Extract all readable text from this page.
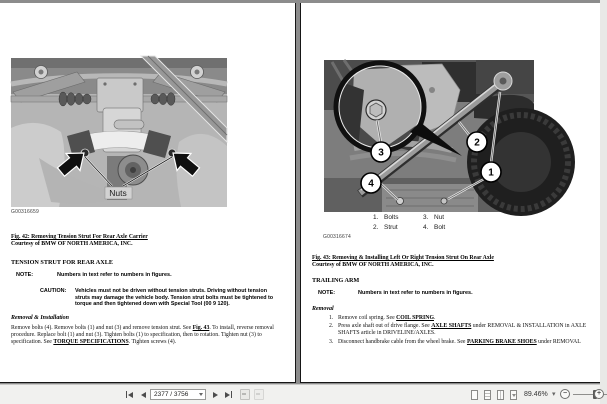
Nuts
G00316659
Fig. 42: Removing Tension Strut For Rear Axle Carrier
Courtesy of BMW OF NORTH AMERICA, INC.
TENSION STRUT FOR REAR AXLE
NOTE:	Numbers in text refer to numbers in figures.
CAUTION: Vehicles must not be driven without tension struts. Driving without tension struts may damage the vehicle body. Tension strut bolts must be tightened to torque and then tightened down with Special Tool (00 9 120).
Removal & Installation
Remove bolts (4). Remove bolts (1) and nut (3) and remove tension strut. See Fig. 43. To install, reverse removal procedure. Replace bolt (1) and nut (3). Tighten bolts (1) to specification, then to rotation. Tighten nut (3) to specification. See TORQUE SPECIFICATIONS. Tighten screws (4).
3
2
1
4
1. Bolts	3. Nut
2. Strut	4. Bolt
G00316674
Fig. 43: Removing & Installing Left Or Right Tension Strut On Rear Axle
Courtesy of BMW OF NORTH AMERICA, INC.
TRAILING ARM
NOTE:	Numbers in text refer to numbers in figures.
Removal
1. Remove coil spring. See COIL SPRING.
2. Press axle shaft out of drive flange. See AXLE SHAFTS under REMOVAL & INSTALLATION in AXLE SHAFTS article in DRIVELINE/AXLES.
3. Disconnect handbrake cable from the wheel brake. See PARKING BRAKE SHOES under REMOVAL
2377 / 3756
89.46% ▾	−	+
